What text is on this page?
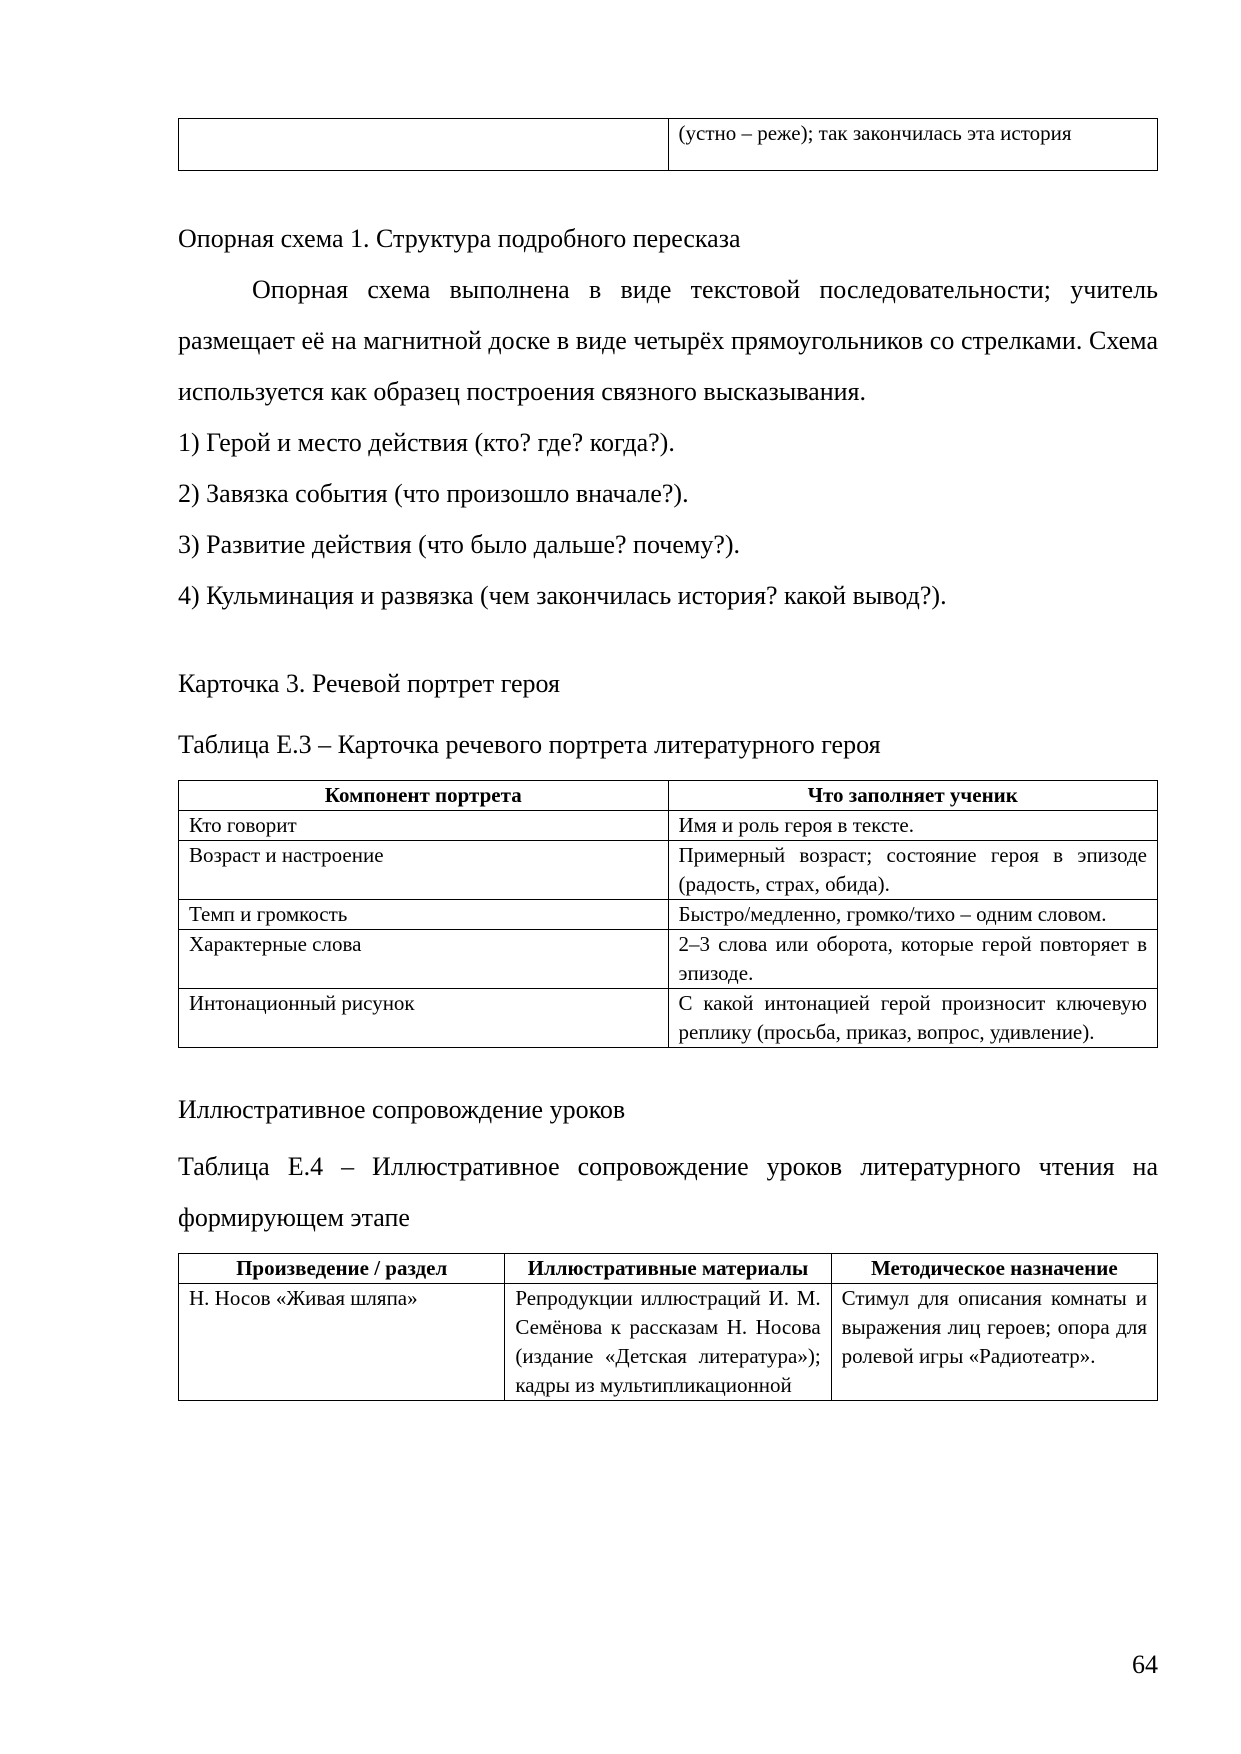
	(устно – реже); так закончилась эта история

Опорная схема 1. Структура подробного пересказа

Опорная схема выполнена в виде текстовой последовательности; учитель размещает её на магнитной доске в виде четырёх прямоугольников со стрелками. Схема используется как образец построения связного высказывания.

1) Герой и место действия (кто? где? когда?).

2) Завязка события (что произошло вначале?).

3) Развитие действия (что было дальше? почему?).

4) Кульминация и развязка (чем закончилась история? какой вывод?).

Карточка 3. Речевой портрет героя

Таблица Е.3 – Карточка речевого портрета литературного героя

Компонент портрета	Что заполняет ученик
Кто говорит	Имя и роль героя в тексте.
Возраст и настроение	Примерный возраст; состояние героя в эпизоде (радость, страх, обида).
Темп и громкость	Быстро/медленно, громко/тихо – одним словом.
Характерные слова	2–3 слова или оборота, которые герой повторяет в эпизоде.
Интонационный рисунок	С какой интонацией герой произносит ключевую реплику (просьба, приказ, вопрос, удивление).

Иллюстративное сопровождение уроков

Таблица Е.4 – Иллюстративное сопровождение уроков литературного чтения на формирующем этапе

Произведение / раздел	Иллюстративные материалы	Методическое назначение
Н. Носов «Живая шляпа»	Репродукции иллюстраций И. М. Семёнова к рассказам Н. Носова (издание «Детская литература»); кадры из мультипликационной	Стимул для описания комнаты и выражения лиц героев; опора для ролевой игры «Радиотеатр».
64
